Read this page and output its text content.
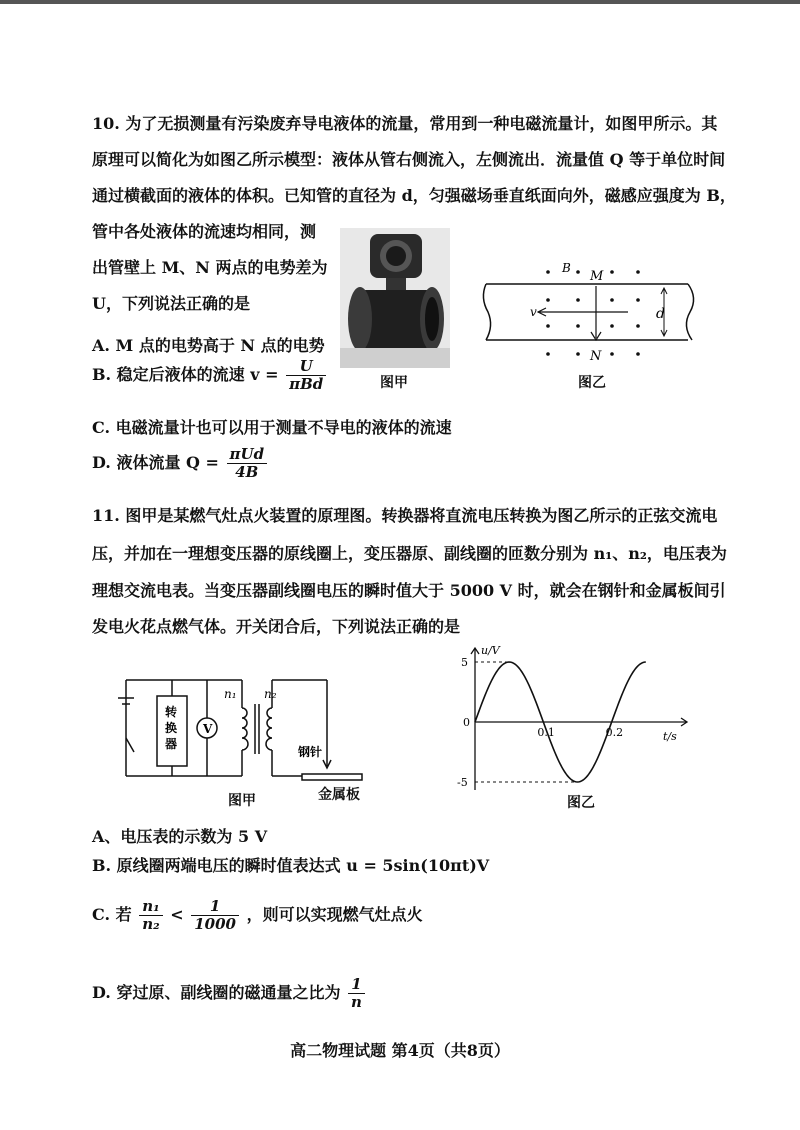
10. 为了无损测量有污染废弃导电液体的流量，常用到一种电磁流量计，如图甲所示。其
原理可以简化为如图乙所示模型：液体从管右侧流入，左侧流出．流量值 Q 等于单位时间
通过横截面的液体的体积。已知管的直径为 d，匀强磁场垂直纸面向外，磁感应强度为 B，
管中各处液体的流速均相同，测
出管壁上 M、N 两点的电势差为
U，下列说法正确的是
A. M 点的电势高于 N 点的电势
B. 稳定后液体的流速 $v = \frac{U}{\text{πBd}}$
C. 电磁流量计也可以用于测量不导电的液体的流速
D. 液体流量 $Q = \frac{\text{πUd}}{4B}$
图甲
B
M
N
v	d
图乙
11. 图甲是某燃气灶点火装置的原理图。转换器将直流电压转换为图乙所示的正弦交流电
压，并加在一理想变压器的原线圈上，变压器原、副线圈的匝数分别为 n₁、n₂，电压表为
理想交流电表。当变压器副线圈电压的瞬时值大于 5000 V 时，就会在钢针和金属板间引
发电火花点燃气体。开关闭合后，下列说法正确的是
V
转
换
器
n₁ n₂
钢针
金属板
图甲
5
-5
0.1	0.2
u/V
t/s
0
图乙
A、电压表的示数为 5 V
B. 原线圈两端电压的瞬时值表达式 u = 5sin(10πt)V
C. 若 $\frac{\text{n₁}}{\text{n₂}} < \frac{1}{1000}$ ，则可以实现燃气灶点火
D. 穿过原、副线圈的磁通量之比为 $\frac{1}{n}$
高二物理试题 第4页（共8页）
